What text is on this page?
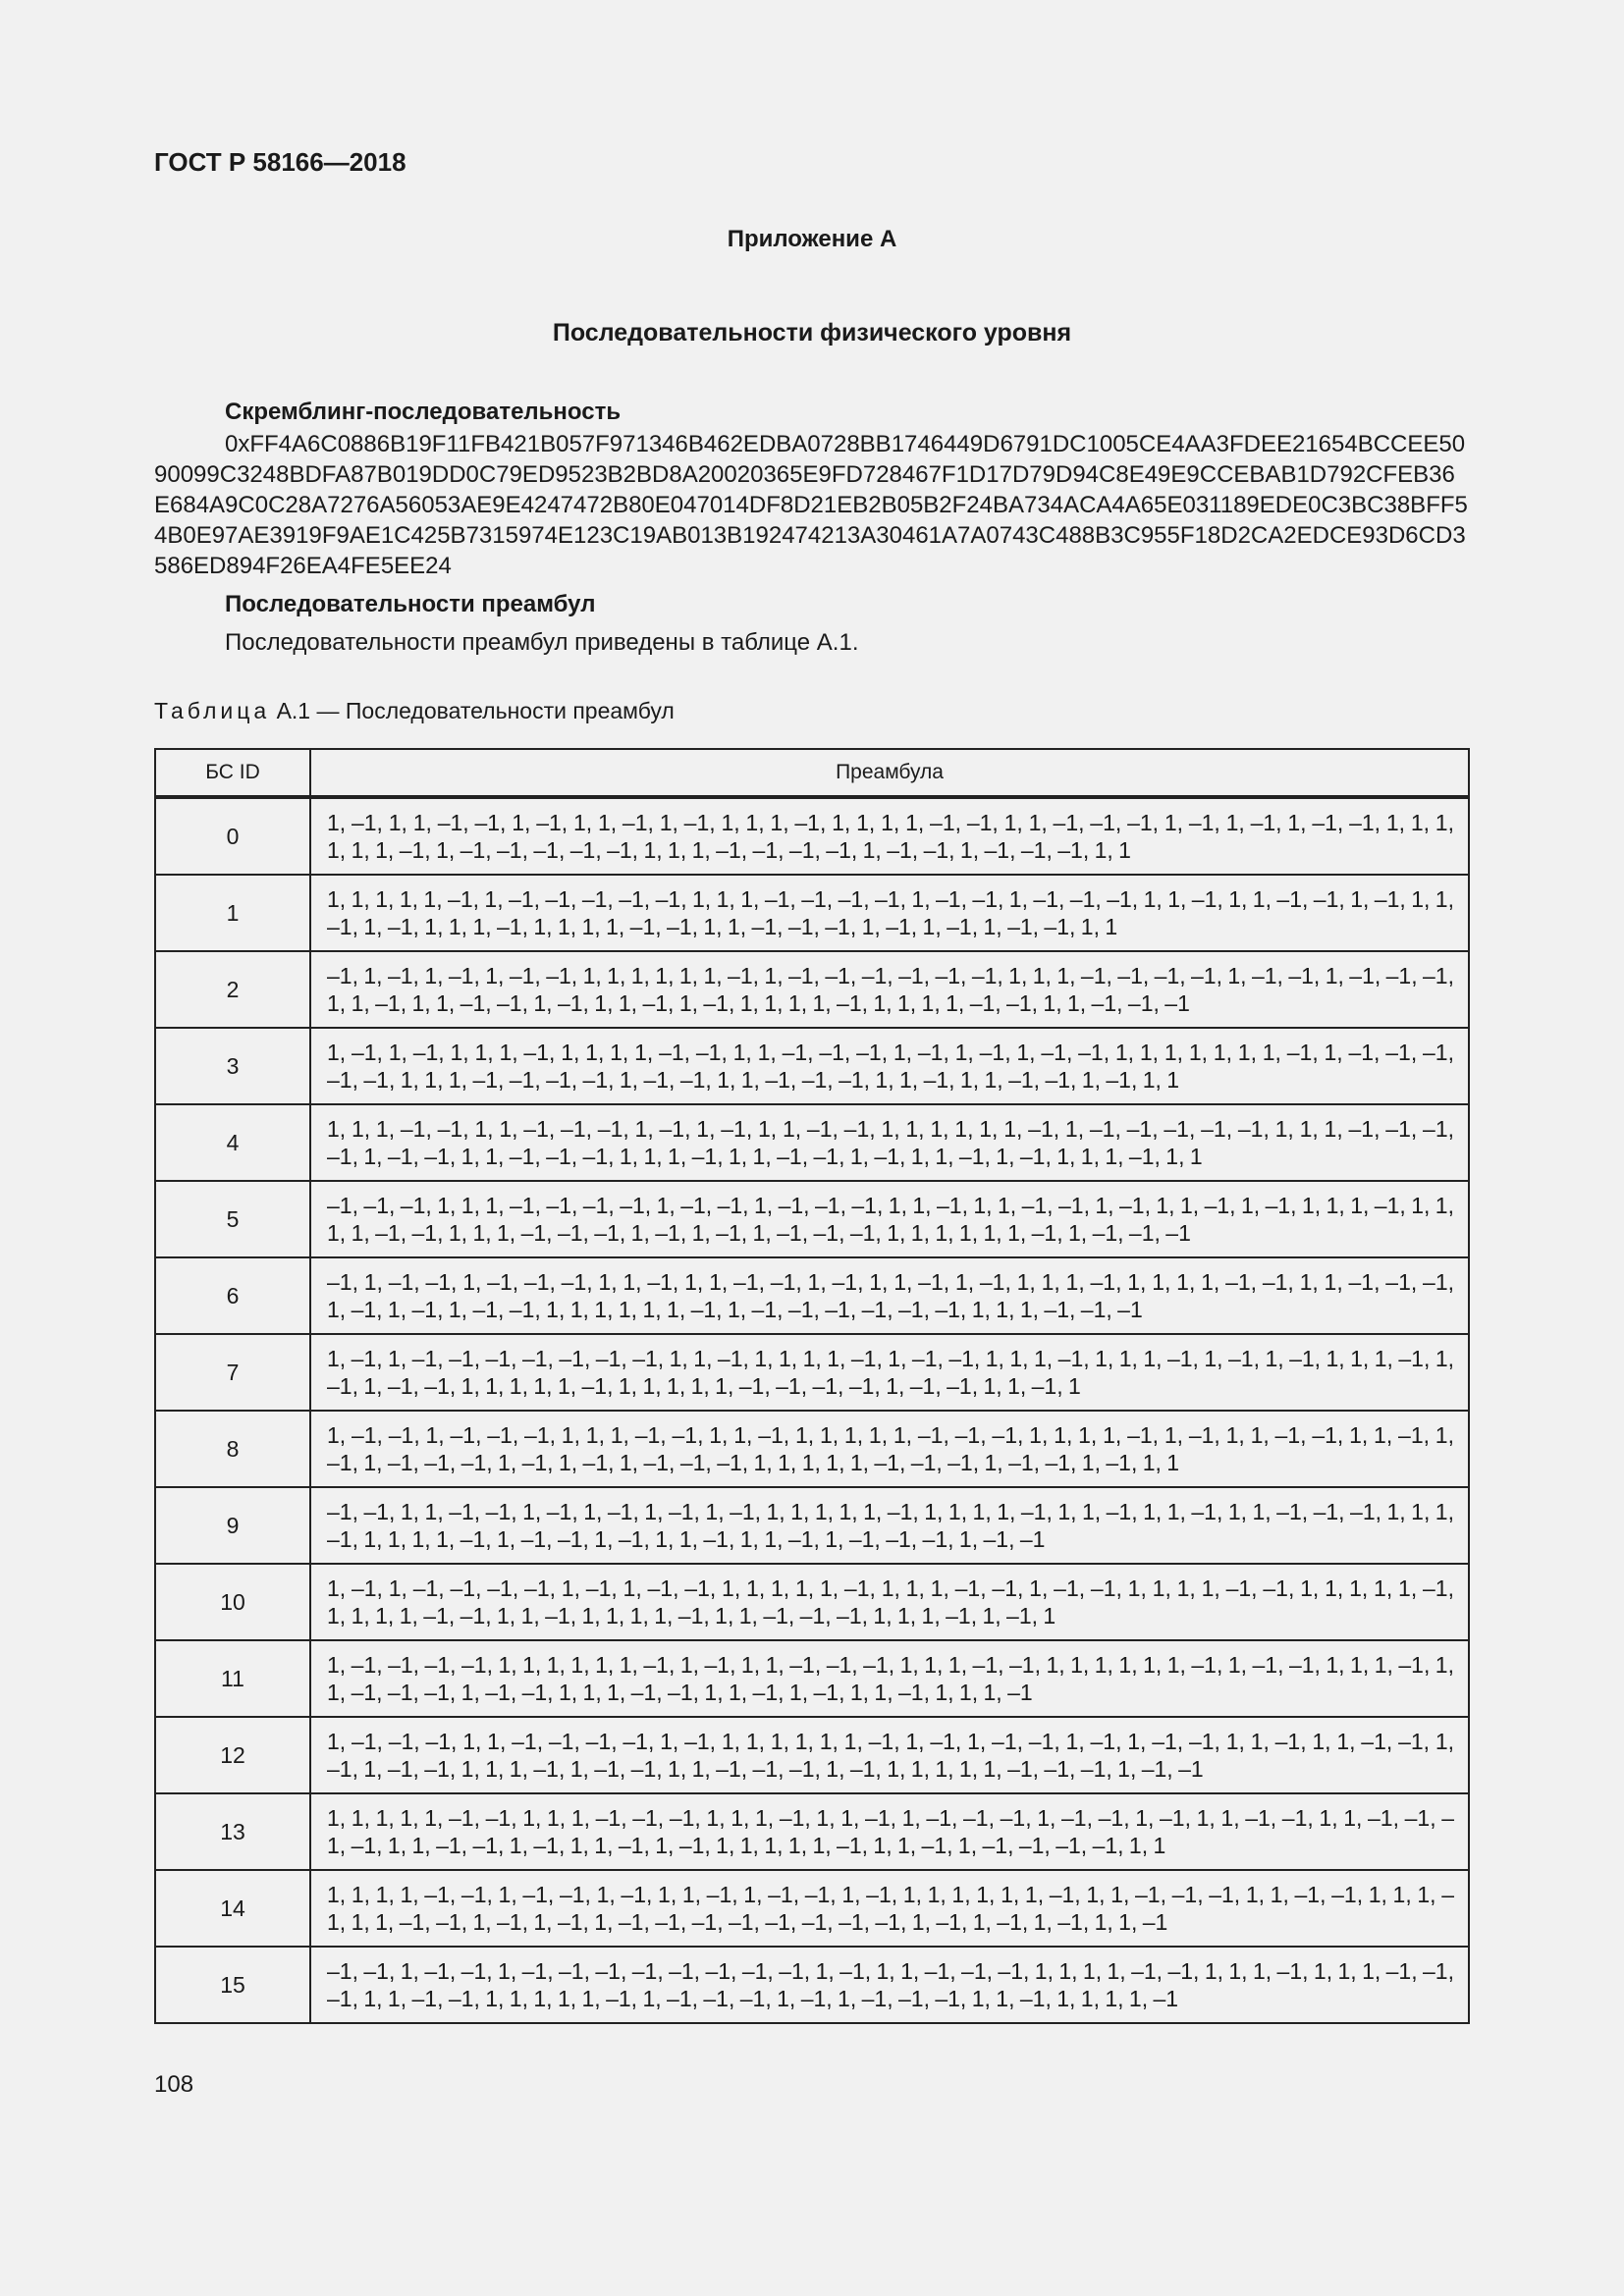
ГОСТ Р 58166—2018
Приложение А
Последовательности физического уровня

Скремблинг-последовательность

0xFF4A6C0886B19F11FB421B057F971346B462EDBA0728BB1746449D6791DC1005CE4AA3FDEE21654BCCEE5090099C3248BDFA87B019DD0C79ED9523B2BD8A20020365E9FD728467F1D17D79D94C8E49E9CCEBAB1D792CFEB36E684A9C0C28A7276A56053AE9E4247472B80E047014DF8D21EB2B05B2F24BA734ACA4A65E031189EDE0C3BC38BFF54B0E97AE3919F9AE1C425B7315974E123C19AB013B192474213A30461A7A0743C488B3C955F18D2CA2EDCE93D6CD3586ED894F26EA4FE5EE24

Последовательности преамбул

Последовательности преамбул приведены в таблице А.1.

Таблица А.1 — Последовательности преамбул
БС ID	Преамбула
0	1, –1, 1, 1, –1, –1, 1, –1, 1, 1, –1, 1, –1, 1, 1, 1, –1, 1, 1, 1, 1, –1, –1, 1, 1, –1, –1, –1, 1, –1, 1, –1, 1, –1, –1, 1, 1, 1, 1, 1, 1, –1, 1, –1, –1, –1, –1, –1, 1, 1, 1, –1, –1, –1, –1, 1, –1, –1, 1, –1, –1, –1, 1, 1
1	1, 1, 1, 1, 1, –1, 1, –1, –1, –1, –1, –1, 1, 1, 1, –1, –1, –1, –1, 1, –1, –1, 1, –1, –1, –1, 1, 1, –1, 1, 1, –1, –1, 1, –1, 1, 1, –1, 1, –1, 1, 1, 1, –1, 1, 1, 1, 1, –1, –1, 1, 1, –1, –1, –1, 1, –1, 1, –1, 1, –1, –1, 1, 1
2	–1, 1, –1, 1, –1, 1, –1, –1, 1, 1, 1, 1, 1, 1, –1, 1, –1, –1, –1, –1, –1, –1, 1, 1, 1, –1, –1, –1, –1, 1, –1, –1, 1, –1, –1, –1, 1, 1, –1, 1, 1, –1, –1, 1, –1, 1, 1, –1, 1, –1, 1, 1, 1, 1, –1, 1, 1, 1, 1, –1, –1, 1, 1, –1, –1, –1
3	1, –1, 1, –1, 1, 1, 1, –1, 1, 1, 1, 1, –1, –1, 1, 1, –1, –1, –1, 1, –1, 1, –1, 1, –1, –1, 1, 1, 1, 1, 1, 1, 1, –1, 1, –1, –1, –1, –1, –1, 1, 1, 1, –1, –1, –1, –1, 1, –1, –1, 1, 1, –1, –1, –1, 1, 1, –1, 1, 1, –1, –1, 1, –1, 1, 1
4	1, 1, 1, –1, –1, 1, 1, –1, –1, –1, 1, –1, 1, –1, 1, 1, –1, –1, 1, 1, 1, 1, 1, 1, –1, 1, –1, –1, –1, –1, –1, 1, 1, 1, –1, –1, –1, –1, 1, –1, –1, 1, 1, –1, –1, –1, 1, 1, 1, –1, 1, 1, –1, –1, 1, –1, 1, 1, –1, 1, –1, 1, 1, 1, –1, 1, 1
5	–1, –1, –1, 1, 1, 1, –1, –1, –1, –1, 1, –1, –1, 1, –1, –1, –1, 1, 1, –1, 1, 1, –1, –1, 1, –1, 1, 1, –1, 1, –1, 1, 1, 1, –1, 1, 1, 1, 1, –1, –1, 1, 1, 1, –1, –1, –1, 1, –1, 1, –1, 1, –1, –1, –1, 1, 1, 1, 1, 1, 1, –1, 1, –1, –1, –1
6	–1, 1, –1, –1, 1, –1, –1, –1, 1, 1, –1, 1, 1, –1, –1, 1, –1, 1, 1, –1, 1, –1, 1, 1, 1, –1, 1, 1, 1, 1, –1, –1, 1, 1, –1, –1, –1, 1, –1, 1, –1, 1, –1, –1, 1, 1, 1, 1, 1, 1, –1, 1, –1, –1, –1, –1, –1, –1, 1, 1, 1, –1, –1, –1
7	1, –1, 1, –1, –1, –1, –1, –1, –1, –1, 1, 1, –1, 1, 1, 1, 1, –1, 1, –1, –1, 1, 1, 1, –1, 1, 1, 1, –1, 1, –1, 1, –1, 1, 1, 1, –1, 1, –1, 1, –1, –1, 1, 1, 1, 1, 1, –1, 1, 1, 1, 1, 1, –1, –1, –1, –1, 1, –1, –1, 1, 1, –1, 1
8	1, –1, –1, 1, –1, –1, –1, 1, 1, 1, –1, –1, 1, 1, –1, 1, 1, 1, 1, 1, –1, –1, –1, 1, 1, 1, 1, –1, 1, –1, 1, 1, –1, –1, 1, 1, –1, 1, –1, 1, –1, –1, –1, 1, –1, 1, –1, 1, –1, –1, –1, 1, 1, 1, 1, 1, –1, –1, –1, 1, –1, –1, 1, –1, 1, 1
9	–1, –1, 1, 1, –1, –1, 1, –1, 1, –1, 1, –1, 1, –1, 1, 1, 1, 1, 1, –1, 1, 1, 1, 1, –1, 1, 1, –1, 1, 1, –1, 1, 1, –1, –1, –1, 1, 1, 1, –1, 1, 1, 1, 1, –1, 1, –1, –1, 1, –1, 1, 1, –1, 1, 1, –1, 1, –1, –1, –1, 1, –1, –1
10	1, –1, 1, –1, –1, –1, –1, 1, –1, 1, –1, –1, 1, 1, 1, 1, 1, –1, 1, 1, 1, –1, –1, 1, –1, –1, 1, 1, 1, 1, –1, –1, 1, 1, 1, 1, 1, –1, 1, 1, 1, 1, –1, –1, 1, 1, –1, 1, 1, 1, 1, –1, 1, 1, –1, –1, –1, 1, 1, 1, –1, 1, –1, 1
11	1, –1, –1, –1, –1, 1, 1, 1, 1, 1, 1, –1, 1, –1, 1, 1, –1, –1, –1, 1, 1, 1, –1, –1, 1, 1, 1, 1, 1, 1, –1, 1, –1, –1, 1, 1, 1, –1, 1, 1, –1, –1, –1, 1, –1, –1, 1, 1, 1, –1, –1, 1, 1, –1, 1, –1, 1, 1, –1, 1, 1, 1, –1
12	1, –1, –1, –1, 1, 1, –1, –1, –1, –1, 1, –1, 1, 1, 1, 1, 1, 1, –1, 1, –1, 1, –1, –1, 1, –1, 1, –1, –1, 1, 1, –1, 1, 1, –1, –1, 1, –1, 1, –1, –1, 1, 1, 1, –1, 1, –1, –1, 1, 1, –1, –1, –1, 1, –1, 1, 1, 1, 1, 1, –1, –1, –1, 1, –1, –1
13	1, 1, 1, 1, 1, –1, –1, 1, 1, 1, –1, –1, –1, 1, 1, 1, –1, 1, 1, –1, 1, –1, –1, –1, 1, –1, –1, 1, –1, 1, 1, –1, –1, 1, 1, –1, –1, –1, –1, 1, 1, –1, –1, 1, –1, 1, 1, –1, 1, –1, 1, 1, 1, 1, 1, –1, 1, 1, –1, 1, –1, –1, –1, –1, 1, 1
14	1, 1, 1, 1, –1, –1, 1, –1, –1, 1, –1, 1, 1, –1, 1, –1, –1, 1, –1, 1, 1, 1, 1, 1, 1, –1, 1, 1, –1, –1, –1, 1, 1, –1, –1, 1, 1, 1, –1, 1, 1, –1, –1, 1, –1, 1, –1, 1, –1, –1, –1, –1, –1, –1, –1, –1, 1, –1, 1, –1, 1, –1, 1, 1, –1
15	–1, –1, 1, –1, –1, 1, –1, –1, –1, –1, –1, –1, –1, –1, 1, –1, 1, 1, –1, –1, –1, 1, 1, 1, 1, –1, –1, 1, 1, 1, –1, 1, 1, 1, –1, –1, –1, 1, 1, –1, –1, 1, 1, 1, 1, 1, –1, 1, –1, –1, –1, 1, –1, 1, –1, –1, –1, 1, 1, –1, 1, 1, 1, 1, –1
108
